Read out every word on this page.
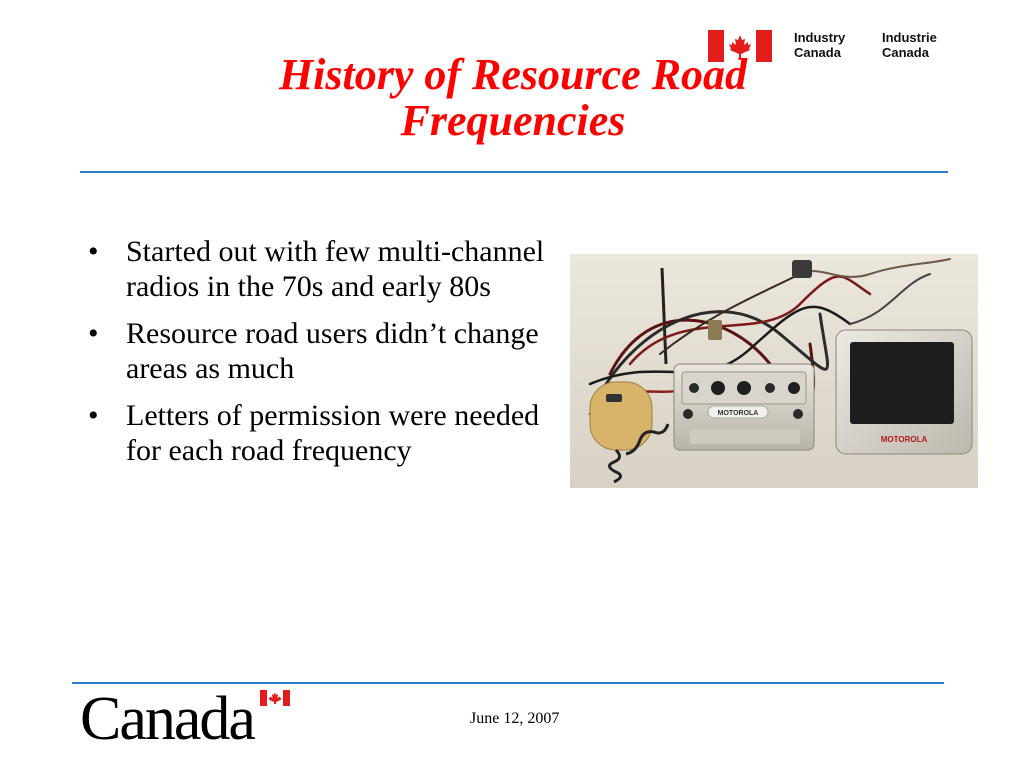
Industry
Canada
Industrie
Canada
History of Resource Road
Frequencies
• Started out with few multi-channel radios in the 70s and early 80s
• Resource road users didn’t change areas as much
• Letters of permission were needed for each road frequency
MOTOROLA
MOTOROLA
Canada	June 12, 2007
